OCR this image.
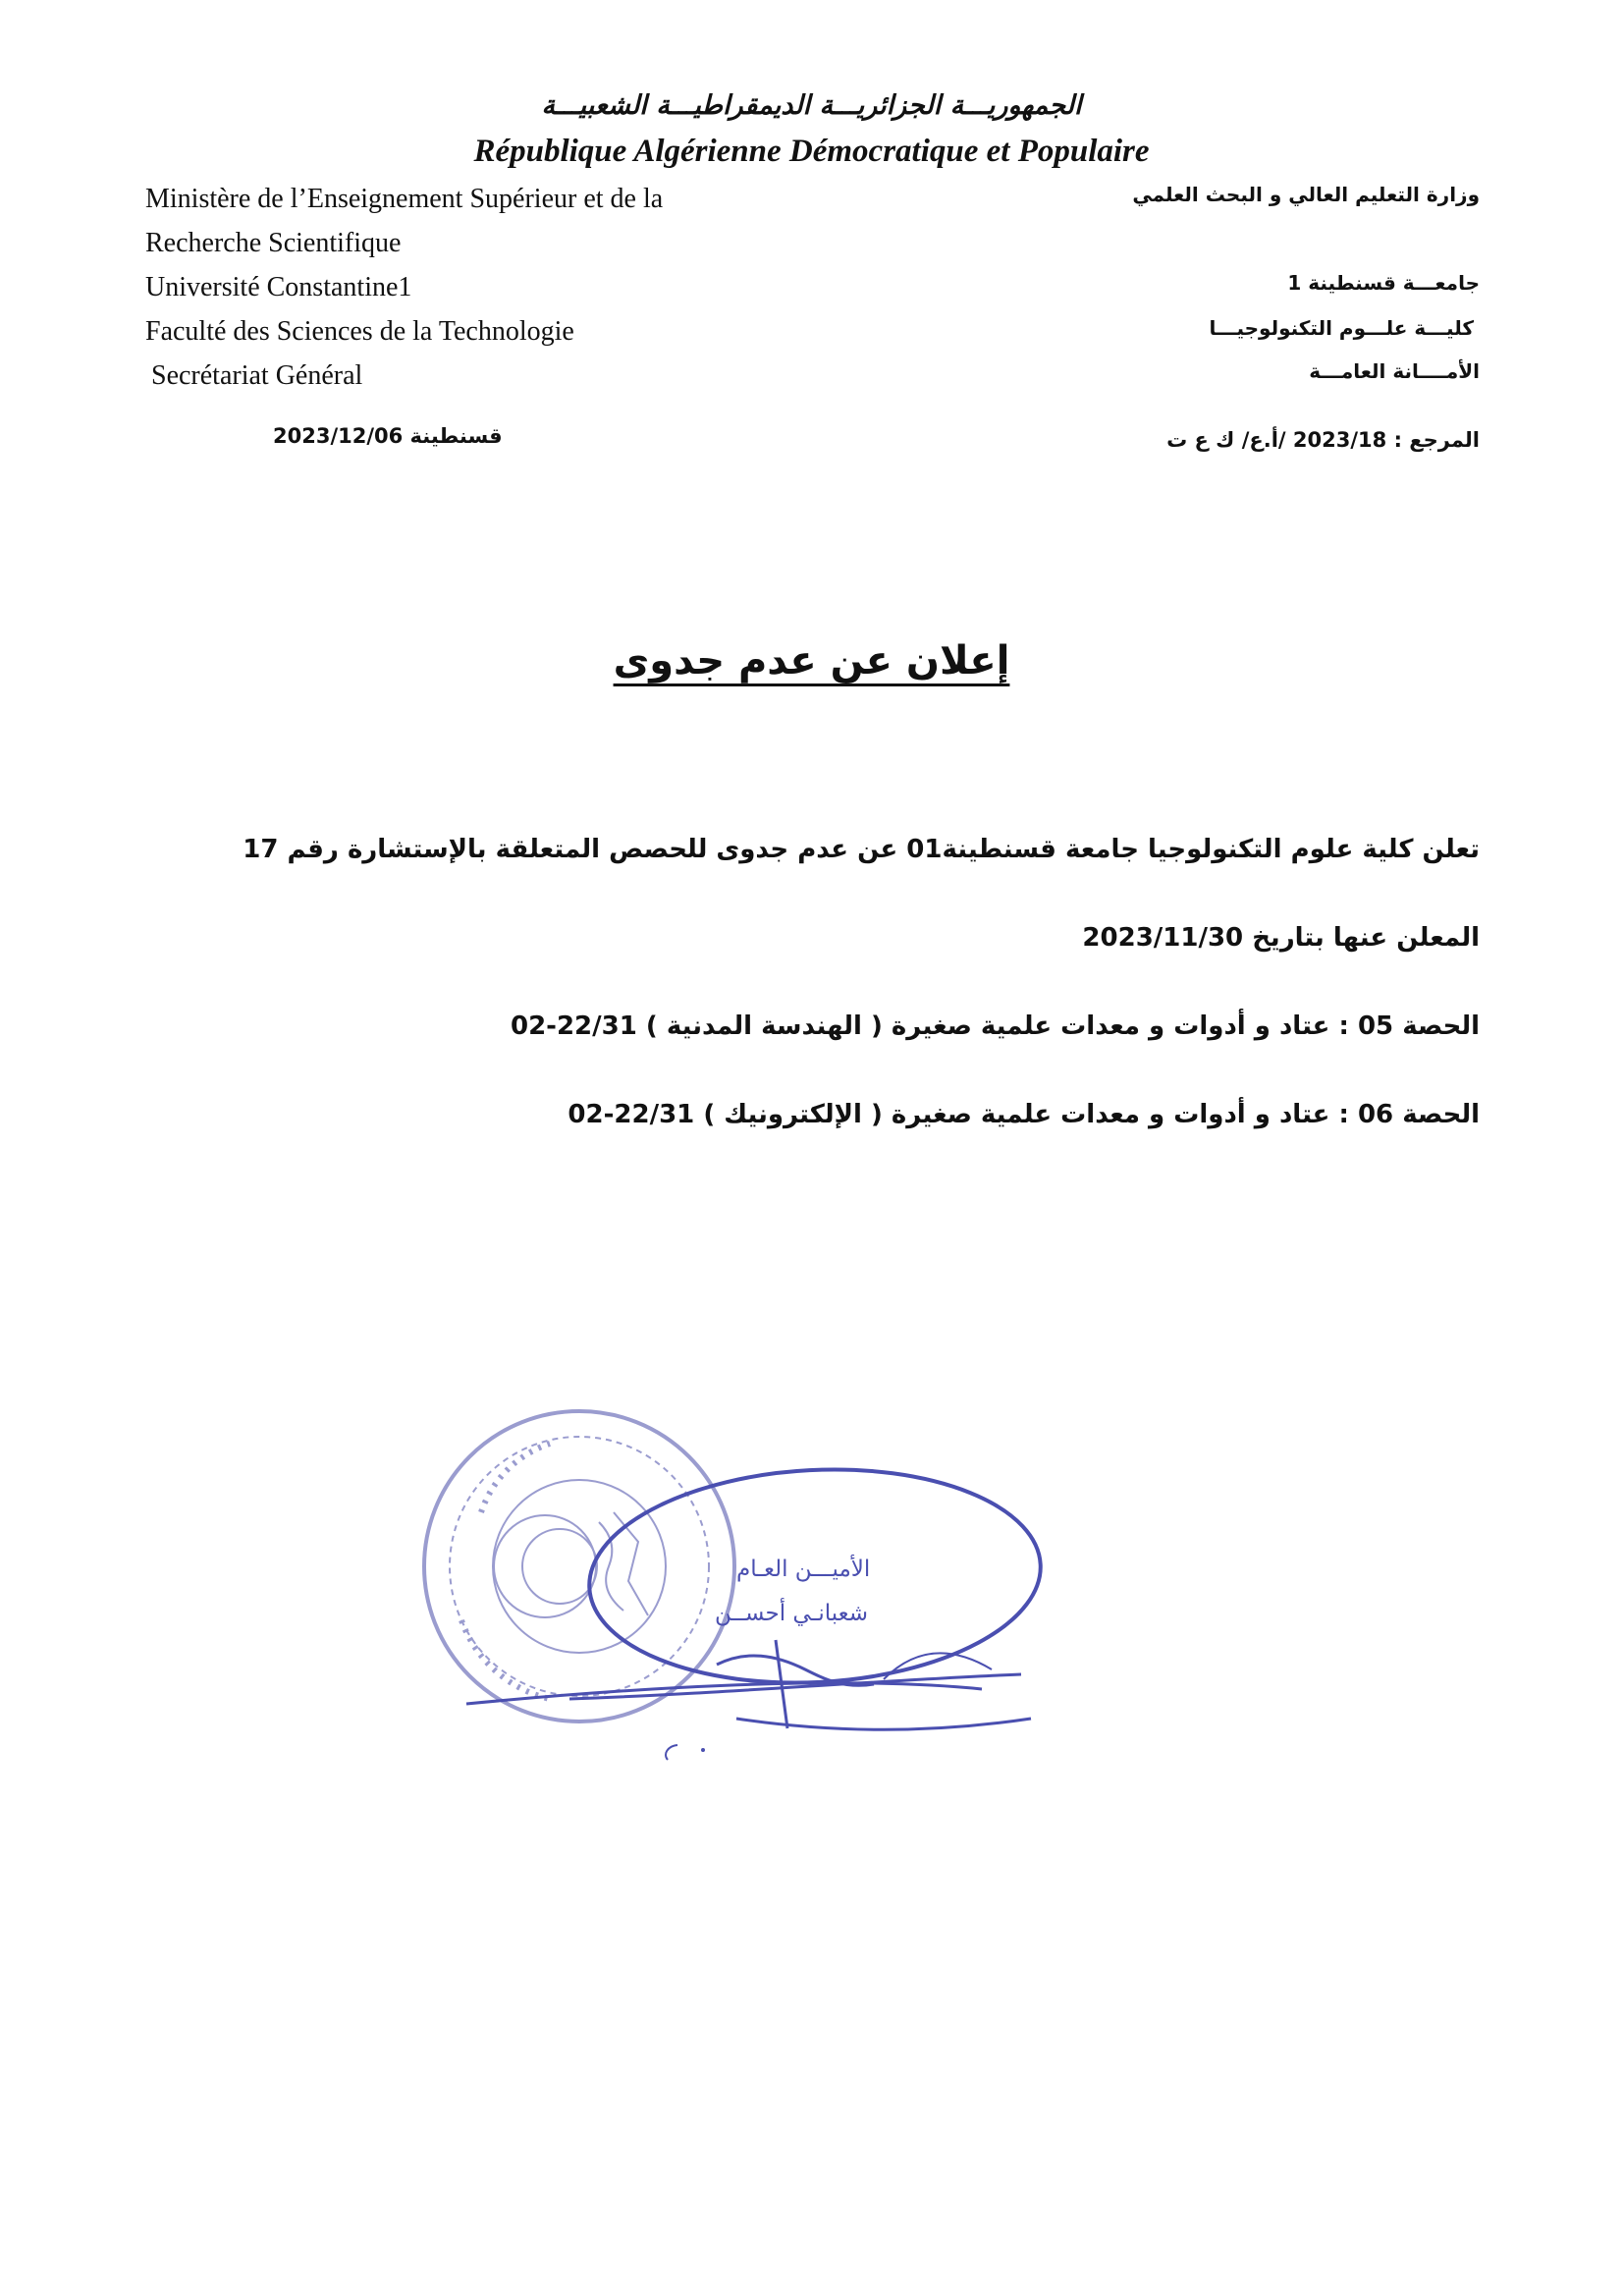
الجمهوريـــة الجزائريـــة الديمقراطيـــة الشعبيـــة
République Algérienne Démocratique et Populaire
Ministère de l’Enseignement Supérieur et de la
Recherche Scientifique
Université Constantine1
Faculté des Sciences de la Technologie
Secrétariat Général
وزارة التعليم العالي و البحث العلمي
جامعـــة قسنطينة 1
كليـــة علـــوم التكنولوجيـــا
الأمــــانة العامـــة
المرجع : 2023/18 /أ.ع/ ك ع ت
قسنطينة 2023/12/06
إعلان عن عدم جدوى
تعلن كلية علوم التكنولوجيا جامعة قسنطينة01 عن عدم جدوى للحصص المتعلقة بالإستشارة رقم 17
المعلن عنها بتاريخ 2023/11/30
الحصة 05 : عتاد و أدوات و معدات علمية صغيرة ( الهندسة المدنية ) 22/31-02
الحصة 06 : عتاد و أدوات و معدات علمية صغيرة ( الإلكترونيك ) 22/31-02
الأميـــن العـام
شعبانـي أحســن
